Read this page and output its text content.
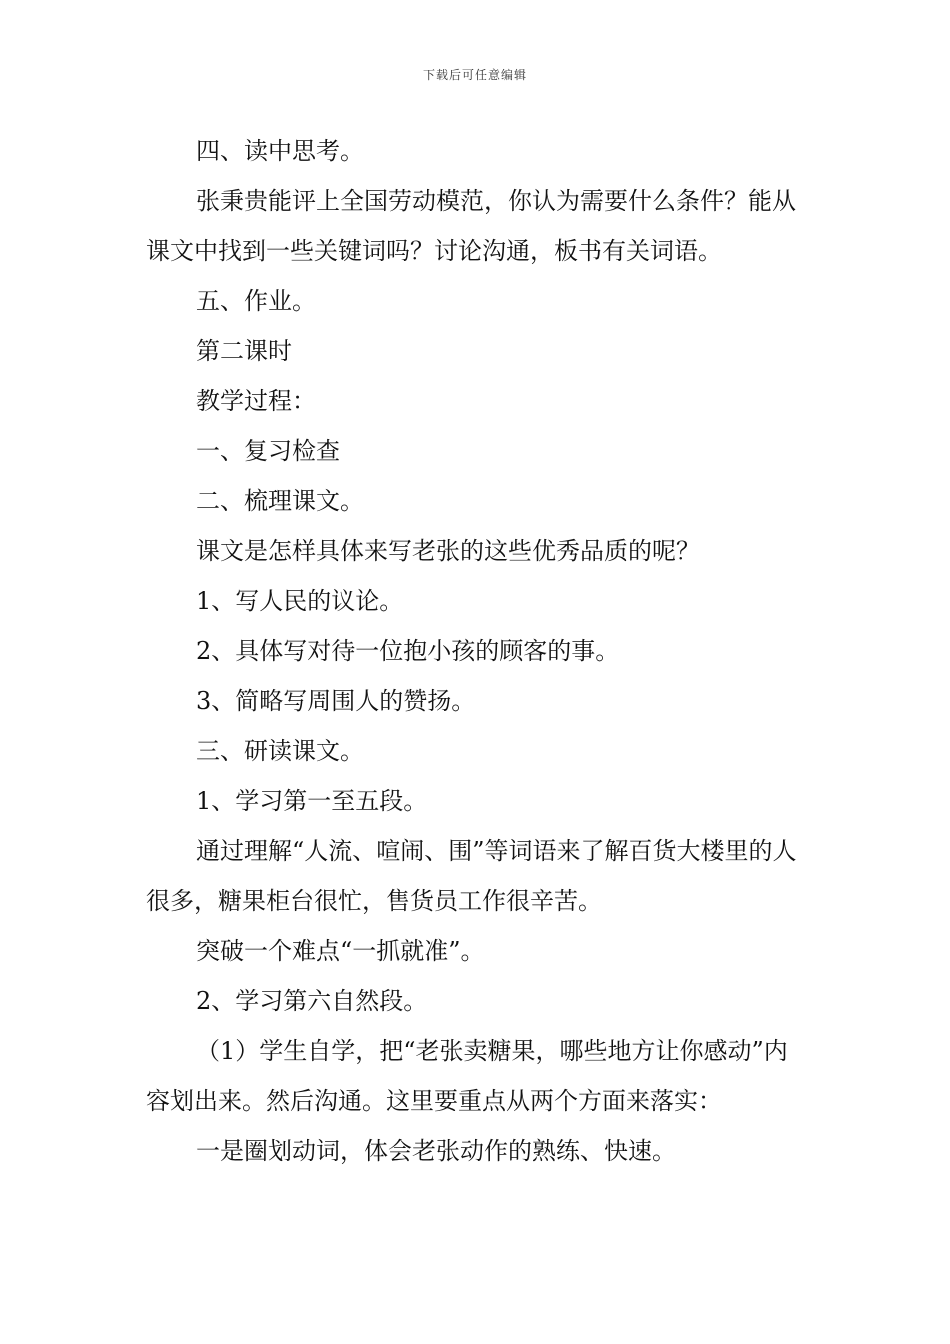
下载后可任意编辑

四、读中思考。

张秉贵能评上全国劳动模范，你认为需要什么条件？能从课文中找到一些关键词吗？讨论沟通，板书有关词语。

五、作业。

第二课时

教学过程：

一、复习检查

二、梳理课文。

课文是怎样具体来写老张的这些优秀品质的呢？

1、写人民的议论。

2、具体写对待一位抱小孩的顾客的事。

3、简略写周围人的赞扬。

三、研读课文。

1、学习第一至五段。

通过理解“人流、喧闹、围”等词语来了解百货大楼里的人很多，糖果柜台很忙，售货员工作很辛苦。

突破一个难点“一抓就准”。

2、学习第六自然段。

（1）学生自学，把“老张卖糖果，哪些地方让你感动”内容划出来。然后沟通。这里要重点从两个方面来落实：

一是圈划动词，体会老张动作的熟练、快速。
